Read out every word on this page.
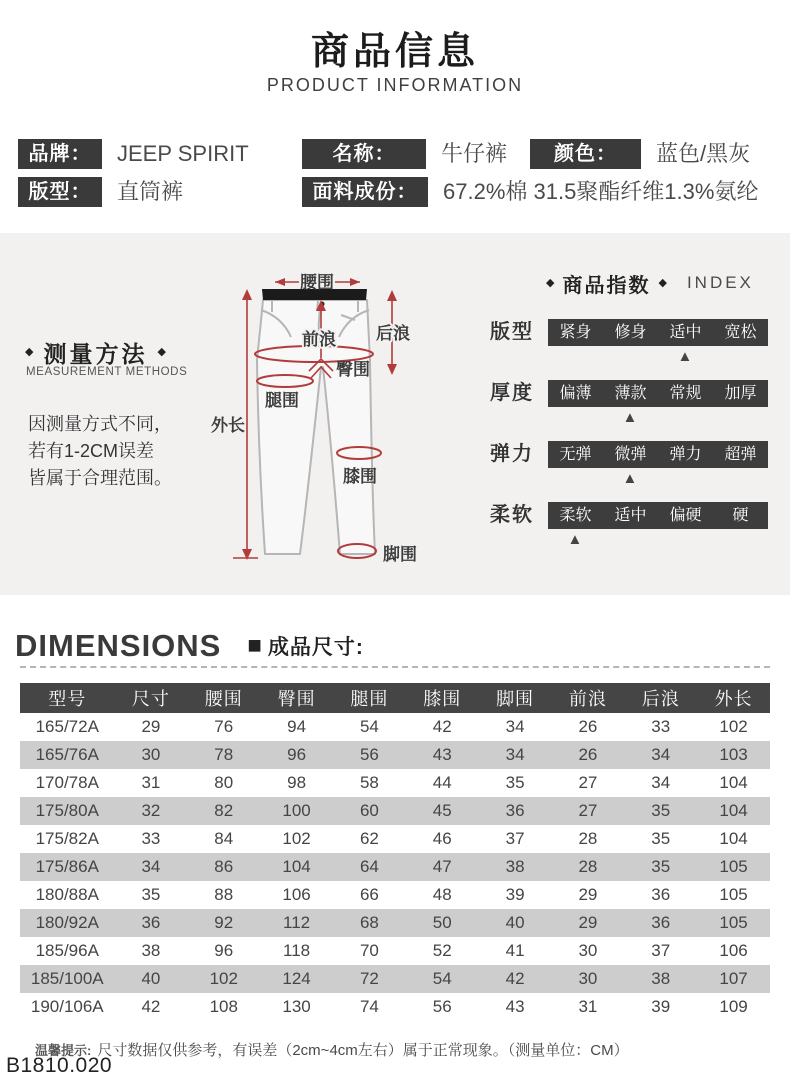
商品信息
PRODUCT INFORMATION
品牌：	JEEP SPIRIT	名称：	牛仔裤	颜色：	蓝色/黑灰
版型：	直筒裤	面料成份：	67.2%棉 31.5聚酯纤维1.3%氨纶
◆ 测量方法 ◆
MEASUREMENT METHODS
因测量方式不同，
若有1-2CM误差
皆属于合理范围。
腰围
前浪 后浪
臀围
腿围
外长
膝围
脚围
◆ 商品指数 ◆ INDEX
版型	紧身	修身	适中	宽松
▲
厚度	偏薄	薄款	常规	加厚
▲
弹力	无弹	微弹	弹力	超弹
▲
柔软	柔软	适中	偏硬	硬
▲
DIMENSIONS ■ 成品尺寸:
型号	尺寸	腰围	臀围	腿围	膝围	脚围	前浪	后浪	外长
165/72A	29	76	94	54	42	34	26	33	102
165/76A	30	78	96	56	43	34	26	34	103
170/78A	31	80	98	58	44	35	27	34	104
175/80A	32	82	100	60	45	36	27	35	104
175/82A	33	84	102	62	46	37	28	35	104
175/86A	34	86	104	64	47	38	28	35	105
180/88A	35	88	106	66	48	39	29	36	105
180/92A	36	92	112	68	50	40	29	36	105
185/96A	38	96	118	70	52	41	30	37	106
185/100A	40	102	124	72	54	42	30	38	107
190/106A	42	108	130	74	56	43	31	39	109
温馨提示: 尺寸数据仅供参考，有误差（2cm~4cm左右）属于正常现象。（测量单位：CM）
B1810.020
